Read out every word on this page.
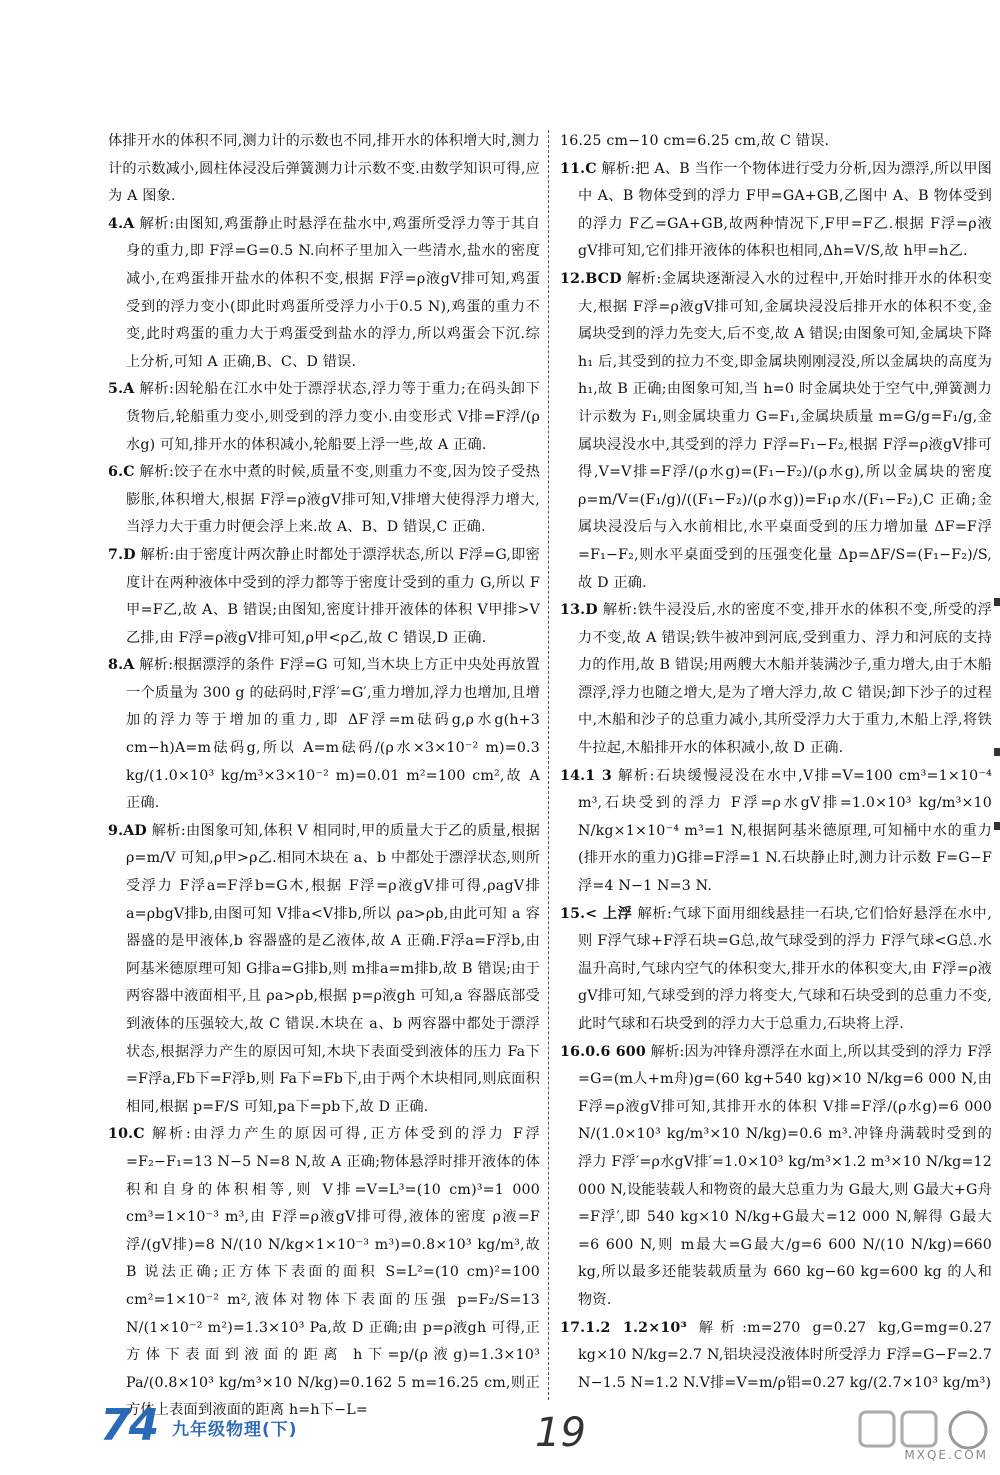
体排开水的体积不同,测力计的示数也不同,排开水的体积增大时,测力计的示数减小,圆柱体浸没后弹簧测力计示数不变.由数学知识可得,应为 A 图象.

4.A 解析:由图知,鸡蛋静止时悬浮在盐水中,鸡蛋所受浮力等于其自身的重力,即 F浮=G=0.5 N.向杯子里加入一些清水,盐水的密度减小,在鸡蛋排开盐水的体积不变,根据 F浮=ρ液gV排可知,鸡蛋受到的浮力变小(即此时鸡蛋所受浮力小于0.5 N),鸡蛋的重力不变,此时鸡蛋的重力大于鸡蛋受到盐水的浮力,所以鸡蛋会下沉.综上分析,可知 A 正确,B、C、D 错误.

5.A 解析:因轮船在江水中处于漂浮状态,浮力等于重力;在码头卸下货物后,轮船重力变小,则受到的浮力变小.由变形式 V排=F浮/(ρ水g) 可知,排开水的体积减小,轮船要上浮一些,故 A 正确.

6.C 解析:饺子在水中煮的时候,质量不变,则重力不变,因为饺子受热膨胀,体积增大,根据 F浮=ρ液gV排可知,V排增大使得浮力增大,当浮力大于重力时便会浮上来.故 A、B、D 错误,C 正确.

7.D 解析:由于密度计两次静止时都处于漂浮状态,所以 F浮=G,即密度计在两种液体中受到的浮力都等于密度计受到的重力 G,所以 F甲=F乙,故 A、B 错误;由图知,密度计排开液体的体积 V甲排>V乙排,由 F浮=ρ液gV排可知,ρ甲<ρ乙,故 C 错误,D 正确.

8.A 解析:根据漂浮的条件 F浮=G 可知,当木块上方正中央处再放置一个质量为 300 g 的砝码时,F浮′=G′,重力增加,浮力也增加,且增加的浮力等于增加的重力,即 ΔF浮=m砝码g,ρ水g(h+3 cm−h)A=m砝码g,所以 A=m砝码/(ρ水×3×10⁻² m)=0.3 kg/(1.0×10³ kg/m³×3×10⁻² m)=0.01 m²=100 cm²,故 A 正确.

9.AD 解析:由图象可知,体积 V 相同时,甲的质量大于乙的质量,根据 ρ=m/V 可知,ρ甲>ρ乙.相同木块在 a、b 中都处于漂浮状态,则所受浮力 F浮a=F浮b=G木,根据 F浮=ρ液gV排可得,ρagV排a=ρbgV排b,由图可知 V排a<V排b,所以 ρa>ρb,由此可知 a 容器盛的是甲液体,b 容器盛的是乙液体,故 A 正确.F浮a=F浮b,由阿基米德原理可知 G排a=G排b,则 m排a=m排b,故 B 错误;由于两容器中液面相平,且 ρa>ρb,根据 p=ρ液gh 可知,a 容器底部受到液体的压强较大,故 C 错误.木块在 a、b 两容器中都处于漂浮状态,根据浮力产生的原因可知,木块下表面受到液体的压力 Fa下=F浮a,Fb下=F浮b,则 Fa下=Fb下,由于两个木块相同,则底面积相同,根据 p=F/S 可知,pa下=pb下,故 D 正确.

10.C 解析:由浮力产生的原因可得,正方体受到的浮力 F浮=F₂−F₁=13 N−5 N=8 N,故 A 正确;物体悬浮时排开液体的体积和自身的体积相等,则 V排=V=L³=(10 cm)³=1 000 cm³=1×10⁻³ m³,由 F浮=ρ液gV排可得,液体的密度 ρ液=F浮/(gV排)=8 N/(10 N/kg×1×10⁻³ m³)=0.8×10³ kg/m³,故 B 说法正确;正方体下表面的面积 S=L²=(10 cm)²=100 cm²=1×10⁻² m²,液体对物体下表面的压强 p=F₂/S=13 N/(1×10⁻² m²)=1.3×10³ Pa,故 D 正确;由 p=ρ液gh 可得,正方体下表面到液面的距离 h下=p/(ρ液g)=1.3×10³ Pa/(0.8×10³ kg/m³×10 N/kg)=0.162 5 m=16.25 cm,则正方体上表面到液面的距离 h=h下−L=

16.25 cm−10 cm=6.25 cm,故 C 错误.

11.C 解析:把 A、B 当作一个物体进行受力分析,因为漂浮,所以甲图中 A、B 物体受到的浮力 F甲=GA+GB,乙图中 A、B 物体受到的浮力 F乙=GA+GB,故两种情况下,F甲=F乙.根据 F浮=ρ液gV排可知,它们排开液体的体积也相同,Δh=V/S,故 h甲=h乙.

12.BCD 解析:金属块逐渐浸入水的过程中,开始时排开水的体积变大,根据 F浮=ρ液gV排可知,金属块浸没后排开水的体积不变,金属块受到的浮力先变大,后不变,故 A 错误;由图象可知,金属块下降 h₁ 后,其受到的拉力不变,即金属块刚刚浸没,所以金属块的高度为 h₁,故 B 正确;由图象可知,当 h=0 时金属块处于空气中,弹簧测力计示数为 F₁,则金属块重力 G=F₁,金属块质量 m=G/g=F₁/g,金属块浸没水中,其受到的浮力 F浮=F₁−F₂,根据 F浮=ρ液gV排可得,V=V排=F浮/(ρ水g)=(F₁−F₂)/(ρ水g),所以金属块的密度 ρ=m/V=(F₁/g)/((F₁−F₂)/(ρ水g))=F₁ρ水/(F₁−F₂),C 正确;金属块浸没后与入水前相比,水平桌面受到的压力增加量 ΔF=F浮=F₁−F₂,则水平桌面受到的压强变化量 Δp=ΔF/S=(F₁−F₂)/S,故 D 正确.

13.D 解析:铁牛浸没后,水的密度不变,排开水的体积不变,所受的浮力不变,故 A 错误;铁牛被冲到河底,受到重力、浮力和河底的支持力的作用,故 B 错误;用两艘大木船并装满沙子,重力增大,由于木船漂浮,浮力也随之增大,是为了增大浮力,故 C 错误;卸下沙子的过程中,木船和沙子的总重力减小,其所受浮力大于重力,木船上浮,将铁牛拉起,木船排开水的体积减小,故 D 正确.

14.1 3 解析:石块缓慢浸没在水中,V排=V=100 cm³=1×10⁻⁴ m³,石块受到的浮力 F浮=ρ水gV排=1.0×10³ kg/m³×10 N/kg×1×10⁻⁴ m³=1 N,根据阿基米德原理,可知桶中水的重力(排开水的重力)G排=F浮=1 N.石块静止时,测力计示数 F=G−F浮=4 N−1 N=3 N.

15.< 上浮 解析:气球下面用细线悬挂一石块,它们恰好悬浮在水中,则 F浮气球+F浮石块=G总,故气球受到的浮力 F浮气球<G总.水温升高时,气球内空气的体积变大,排开水的体积变大,由 F浮=ρ液gV排可知,气球受到的浮力将变大,气球和石块受到的总重力不变,此时气球和石块受到的浮力大于总重力,石块将上浮.

16.0.6 600 解析:因为冲锋舟漂浮在水面上,所以其受到的浮力 F浮=G=(m人+m舟)g=(60 kg+540 kg)×10 N/kg=6 000 N,由 F浮=ρ液gV排可知,其排开水的体积 V排=F浮/(ρ水g)=6 000 N/(1.0×10³ kg/m³×10 N/kg)=0.6 m³.冲锋舟满载时受到的浮力 F浮′=ρ水gV排′=1.0×10³ kg/m³×1.2 m³×10 N/kg=12 000 N,设能装载人和物资的最大总重力为 G最大,则 G最大+G舟=F浮′,即 540 kg×10 N/kg+G最大=12 000 N,解得 G最大=6 600 N,则 m最大=G最大/g=6 600 N/(10 N/kg)=660 kg,所以最多还能装载质量为 660 kg−60 kg=600 kg 的人和物资.

17.1.2 1.2×10³ 解析:m=270 g=0.27 kg,G=mg=0.27 kg×10 N/kg=2.7 N,铝块浸没液体时所受浮力 F浮=G−F=2.7 N−1.5 N=1.2 N.V排=V=m/ρ铝=0.27 kg/(2.7×10³ kg/m³)

74 九年级物理(下)	19	MXQE.COM
